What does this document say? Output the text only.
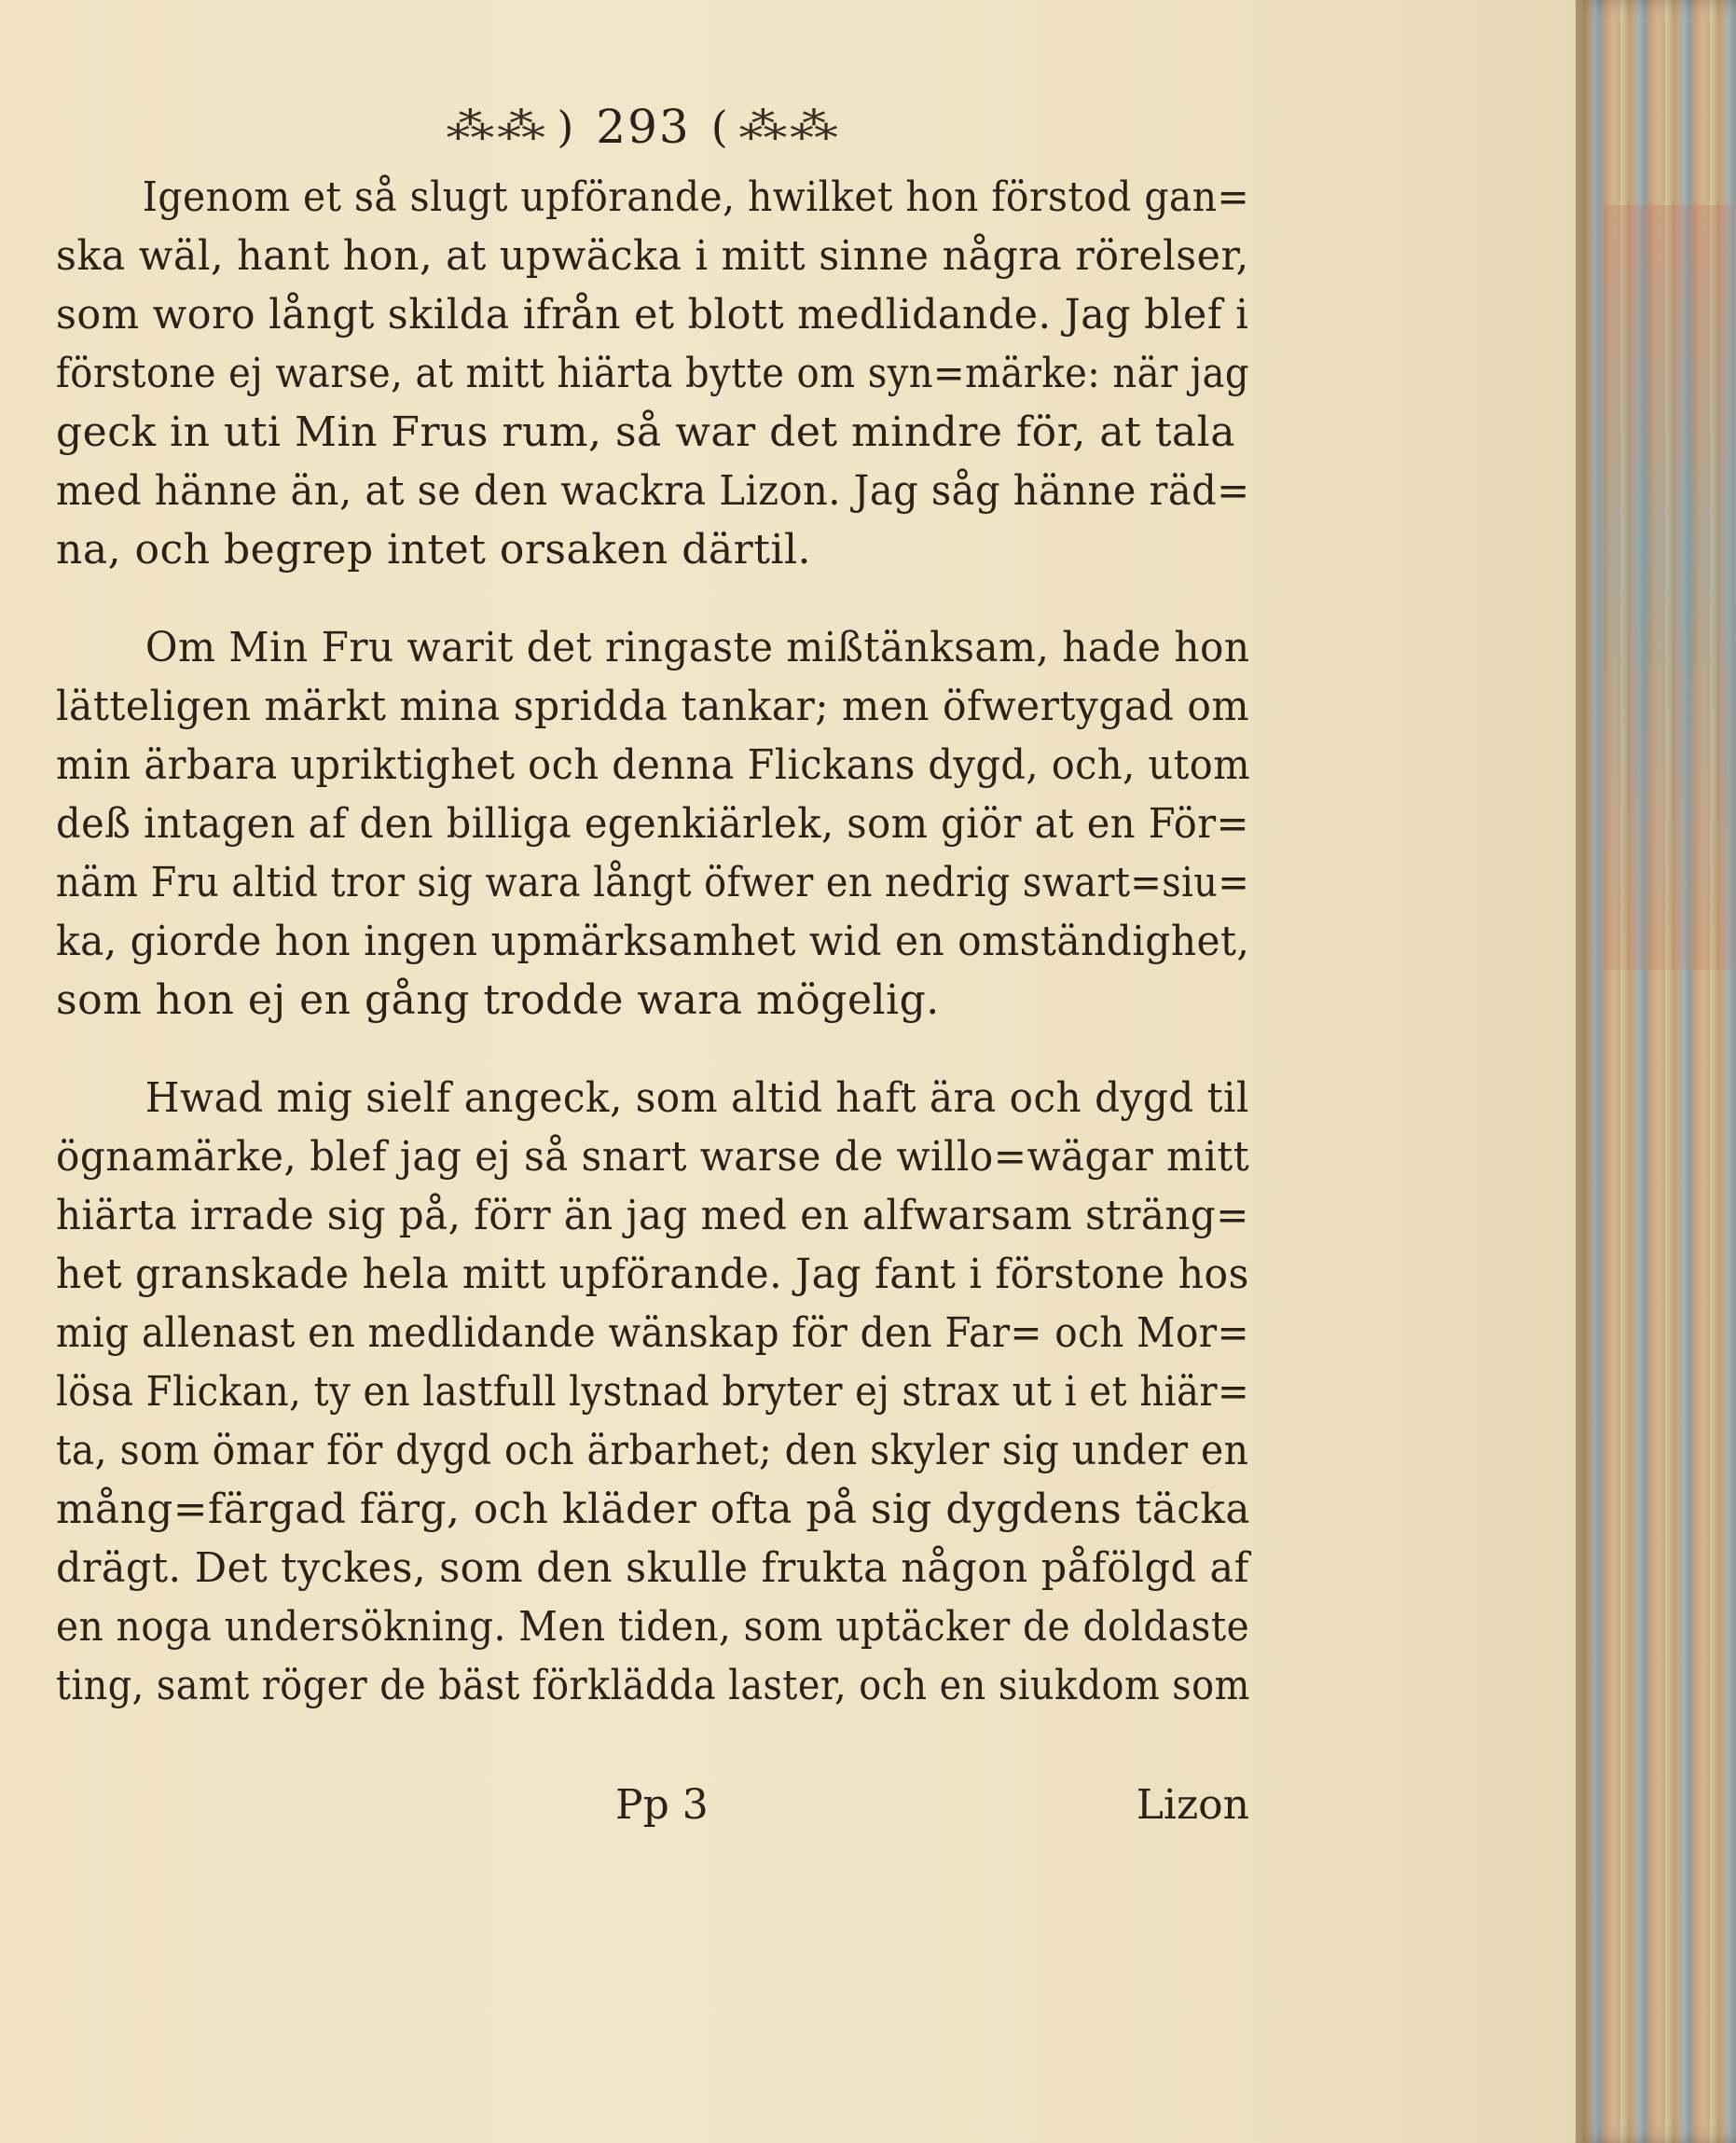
⁂⁂ ) 293 ( ⁂⁂
Igenom et så slugt upförande, hwilket hon förstod gan=
ska wäl, hant hon, at upwäcka i mitt sinne några rörelser,
som woro långt skilda ifrån et blott medlidande. Jag blef i
förstone ej warse, at mitt hiärta bytte om syn=märke: när jag
geck in uti Min Frus rum, så war det mindre för, at tala
med hänne än, at se den wackra Lizon. Jag såg hänne räd=
na, och begrep intet orsaken därtil.
Om Min Fru warit det ringaste mißtänksam, hade hon
lätteligen märkt mina spridda tankar; men öfwertygad om
min ärbara upriktighet och denna Flickans dygd, och, utom
deß intagen af den billiga egenkiärlek, som giör at en För=
näm Fru altid tror sig wara långt öfwer en nedrig swart=siu=
ka, giorde hon ingen upmärksamhet wid en omständighet,
som hon ej en gång trodde wara mögelig.
Hwad mig sielf angeck, som altid haft ära och dygd til
ögnamärke, blef jag ej så snart warse de willo=wägar mitt
hiärta irrade sig på, förr än jag med en alfwarsam sträng=
het granskade hela mitt upförande. Jag fant i förstone hos
mig allenast en medlidande wänskap för den Far= och Mor=
lösa Flickan, ty en lastfull lystnad bryter ej strax ut i et hiär=
ta, som ömar för dygd och ärbarhet; den skyler sig under en
mång=färgad färg, och kläder ofta på sig dygdens täcka
drägt. Det tyckes, som den skulle frukta någon påfölgd af
en noga undersökning. Men tiden, som uptäcker de doldaste
ting, samt röger de bäst förklädda laster, och en siukdom som
Pp 3	Lizon
